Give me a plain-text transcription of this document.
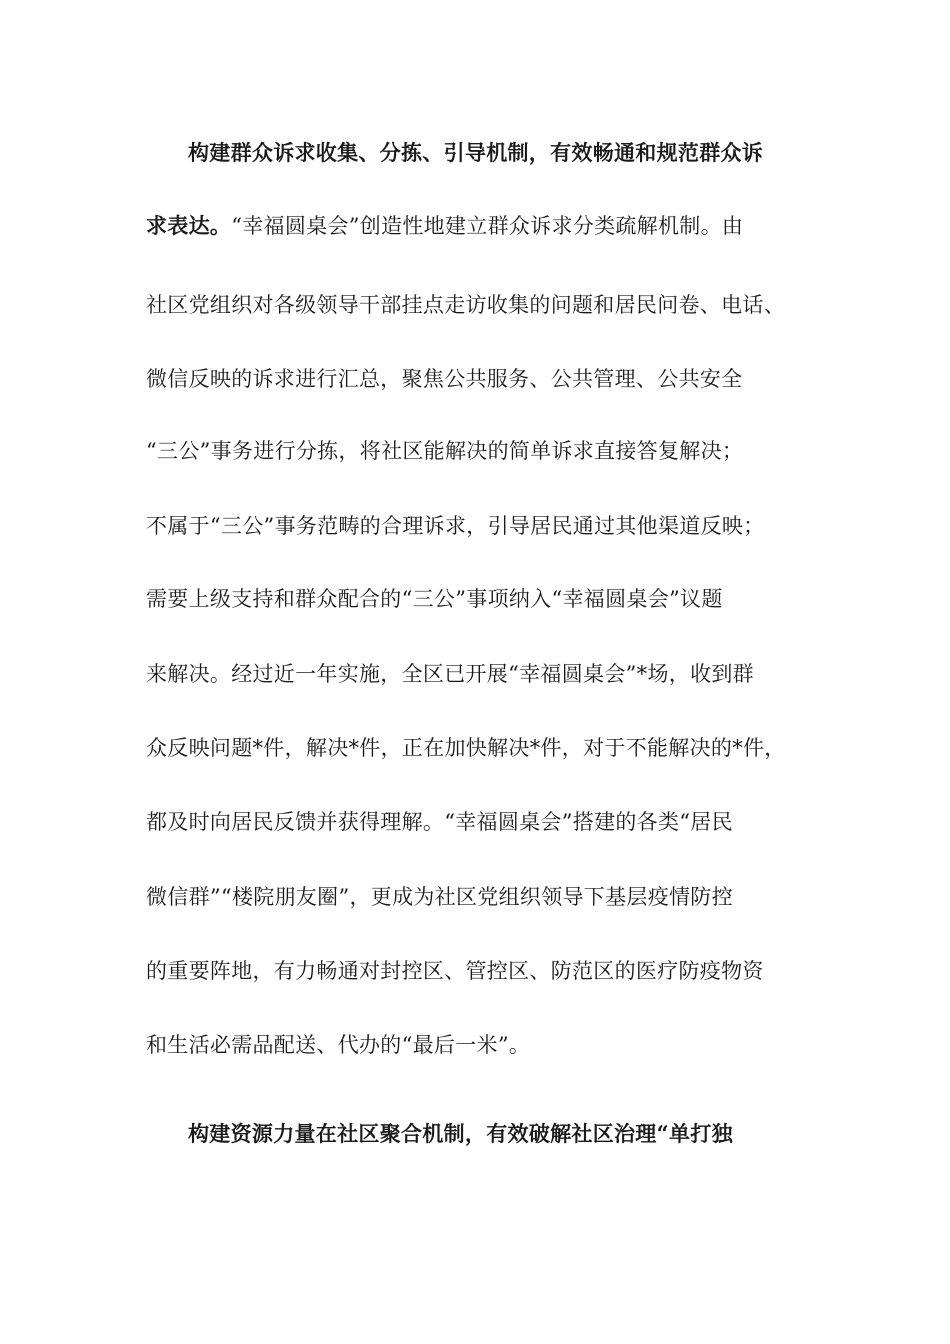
构建群众诉求收集、分拣、引导机制，有效畅通和规范群众诉
求表达。“幸福圆桌会”创造性地建立群众诉求分类疏解机制。由
社区党组织对各级领导干部挂点走访收集的问题和居民问卷、电话、
微信反映的诉求进行汇总，聚焦公共服务、公共管理、公共安全
“三公”事务进行分拣，将社区能解决的简单诉求直接答复解决；
不属于“三公”事务范畴的合理诉求，引导居民通过其他渠道反映；
需要上级支持和群众配合的“三公”事项纳入“幸福圆桌会”议题
来解决。经过近一年实施，全区已开展“幸福圆桌会”*场，收到群
众反映问题*件，解决*件，正在加快解决*件，对于不能解决的*件，
都及时向居民反馈并获得理解。“幸福圆桌会”搭建的各类“居民
微信群”“楼院朋友圈”，更成为社区党组织领导下基层疫情防控
的重要阵地，有力畅通对封控区、管控区、防范区的医疗防疫物资
和生活必需品配送、代办的“最后一米”。
构建资源力量在社区聚合机制，有效破解社区治理“单打独
